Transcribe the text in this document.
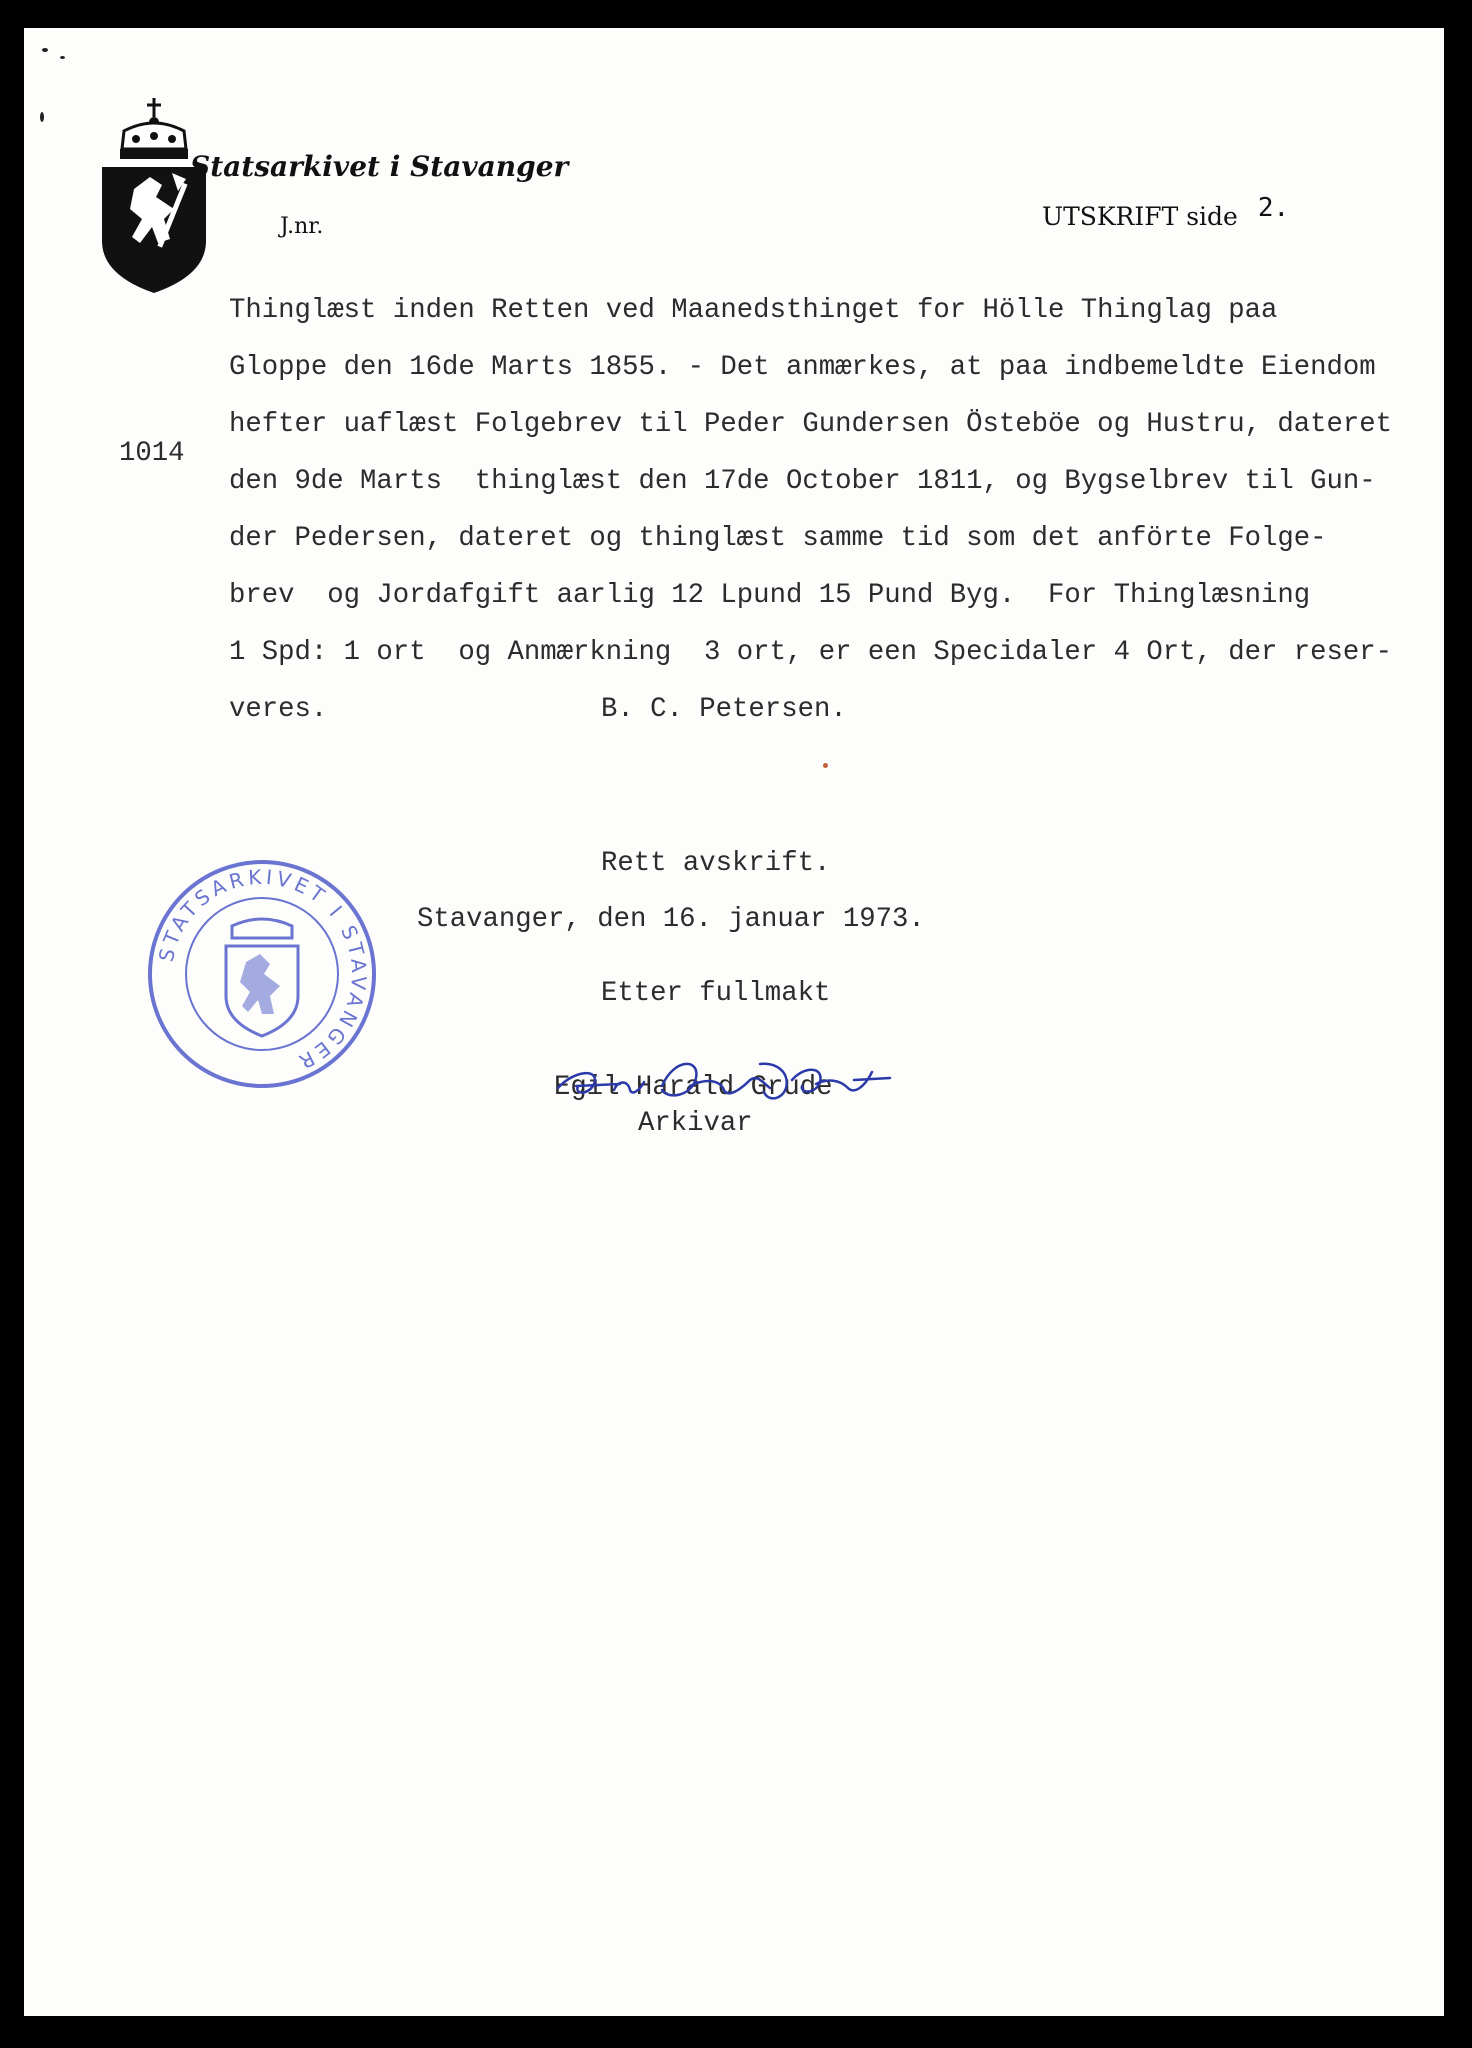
Statsarkivet i Stavanger
J.nr.	UTSKRIFT side 2.
1014
Thinglæst inden Retten ved Maanedsthinget for Hölle Thinglag paa
Gloppe den 16de Marts 1855. - Det anmærkes, at paa indbemeldte Eiendom
hefter uaflæst Folgebrev til Peder Gundersen Östeböe og Hustru, dateret
den 9de Marts  thinglæst den 17de October 1811, og Bygselbrev til Gun-
der Pedersen, dateret og thinglæst samme tid som det anförte Folge-
brev  og Jordafgift aarlig 12 Lpund 15 Pund Byg.  For Thinglæsning
1 Spd: 1 ort  og Anmærkning  3 ort, er een Specidaler 4 Ort, der reser-
veres.	B. C. Petersen.
Rett avskrift.
Stavanger, den 16. januar 1973.
Etter fullmakt
Egil Harald Grude
Arkivar
STATSARKIVET I STAVANGER
